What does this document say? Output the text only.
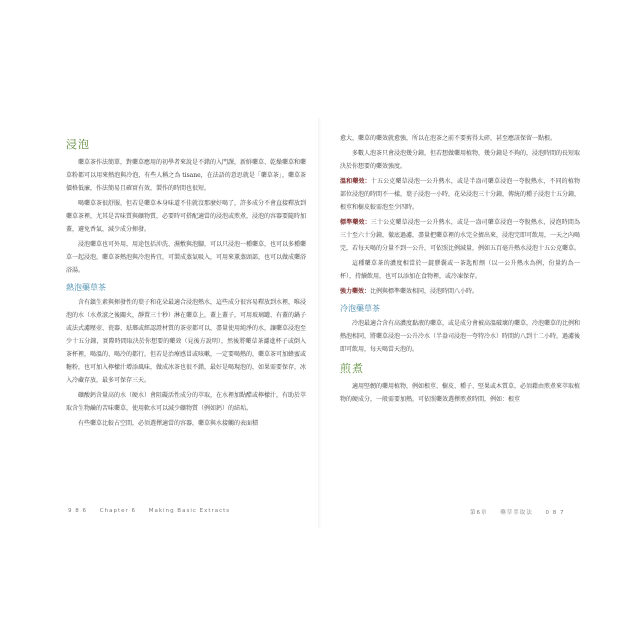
浸泡

藥草茶作法簡單，對藥草應用的初學者來說是不錯的入門課，新鮮藥草、乾燥藥草和藥草粉都可以用來熱泡與冷泡，有些人稱之為 tisane，在法語的意思就是「藥草茶」，藥草茶價格低廉，作法簡易且確實有效，製作的時間也很短。

喝藥草茶很舒服，但若是藥草本身味道不佳就沒那麼好喝了，許多成分不會直接釋放到藥草茶裡，尤其是苦味質與礦物質，必要時可搭配適當的浸泡或煎煮，浸泡的容器要隨時加蓋，避免香氣，減少成分揮發。

浸泡藥草也可外用，用途包括沖洗、濕敷與泡腳，可以只浸泡一種藥草，也可以多種藥草一起浸泡，藥草茶熱泡與冷泡皆宜，可製成蒸氣吸入，可用來薰蒸頭部，也可以做成藥浴浴湯。

熱泡藥草茶

含有鎮生素與揮發性的葉子和花朵最適合浸泡熱水，這些成分很容易釋放到水裡，唯浸泡的水（水煮滾之後關火，靜置三十秒）淋在藥草上，蓋上蓋子，可用玻璃罐、有蓋的鍋子或法式濾壓壺、瓷器、琺瑯或經認證材質的茶壺都可以，盡量使用純淨的水，讓藥草浸泡至少十五分鐘，實際時間取決於你想要的藥效（見後方說明），然後將藥草茶濾進杯子或倒入茶杯裡，喝溫的、喝冷的都行，但若是治療感冒或咳嗽，一定要喝熱的，藥草茶可加蜂蜜或糖粉，也可加入檸檬汁增添風味，做成冰茶也很不錯，最好是喝現泡的，如果需要保存，冰入冷藏存放，最多可保存三天。

礦酸鈣含量高的水（硬水）會阻礙活性成分的萃取，在水裡加點醋或檸檬汁，有助於萃取含生物鹼的苦味藥草，使用軟水可以減少礦物質（例如鈣）的結垢。

有些藥草比較占空間，必須選擇適當的容器，藥草與水接觸的表面積

9 8 6 Chapter 6 Making Basic Extracts

愈大，藥草的藥效就愈強，所以在泡茶之前不要剪得太碎，甚至應該保留一點根。

多數人泡茶只會浸泡幾分鐘，但若想做藥用植物，幾分鐘是不夠的，浸泡時間的長短取決於你想要的藥效強度。

溫和藥效：十五公克藥草浸泡一公升熱水，或是半盎司藥草浸泡一夸脫熱水，不同的植物部位浸泡的時間不一樣，葉子浸泡一小時，花朵浸泡三十分鐘，傳統的種子浸泡十五分鐘，根莖和樹皮較需泡至少四時。

標準藥效：三十公克藥草浸泡一公升熱水，或是一盎司藥草浸泡一夸脫熱水，浸泡時間為三十至六十分鐘，徹底過濾，盡量把藥草裡的水完全擠出來，浸泡完即可飲用，一天之內喝完，若每天喝的分量不到一公升，可依照比例減量，例如五百毫升熱水浸泡十五公克藥草。

這種藥草茶的濃度相當於一錠膠囊或一茶匙酊劑（以一公升熱水為例，份量約為一杯），持續飲用，也可以添加在食物裡，或冷凍保存。

強力藥效：比例與標準藥效相同，浸泡時間八小時。

冷泡藥草茶

冷泡最適合含有高濃度黏液的藥草，或是成分會被高溫破壞的藥草，冷泡藥草的比例和熱泡相同，將藥草浸泡一公升冷水（半盎司浸泡一夸特冷水）時間約八到十二小時，過濾後即可飲用，每天喝當天泡的。

煎煮

適用堅韌的藥用植物，例如根莖、樹皮、種子、堅果或木質草，必須藉由煎煮來萃取植物的硬成分，一般需要加熱，可依照藥效選擇煎煮時間，例如：根莖

第6章 藥草萃取法 0 8 7
